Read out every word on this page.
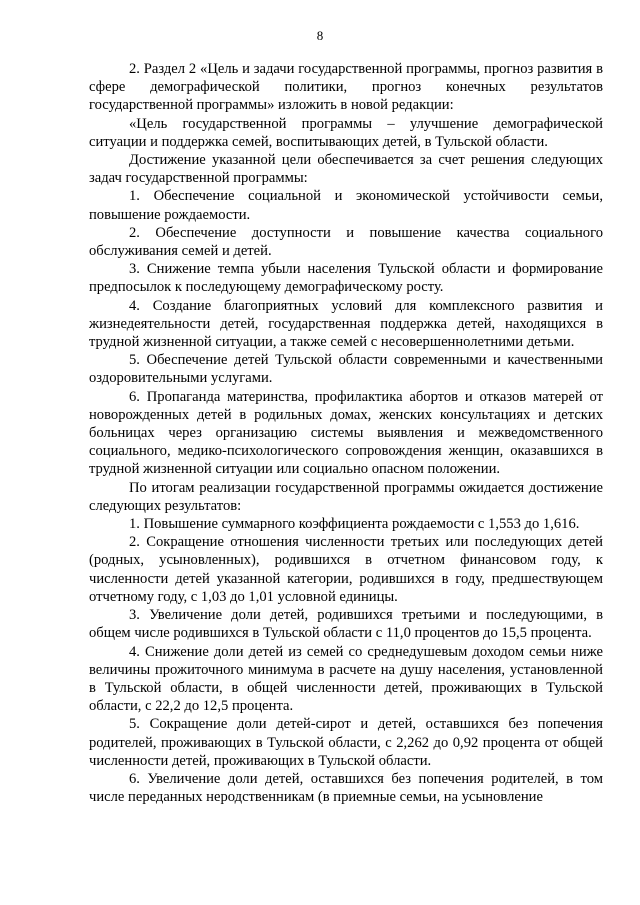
8

2. Раздел 2 «Цель и задачи государственной программы, прогноз развития в сфере демографической политики, прогноз конечных результатов государственной программы» изложить в новой редакции:

«Цель государственной программы – улучшение демографической ситуации и поддержка семей, воспитывающих детей, в Тульской области.

Достижение указанной цели обеспечивается за счет решения следующих задач государственной программы:

1. Обеспечение социальной и экономической устойчивости семьи, повышение рождаемости.

2. Обеспечение доступности и повышение качества социального обслуживания семей и детей.

3. Снижение темпа убыли населения Тульской области и формирование предпосылок к последующему демографическому росту.

4. Создание благоприятных условий для комплексного развития и жизнедеятельности детей, государственная поддержка детей, находящихся в трудной жизненной ситуации, а также семей с несовершеннолетними детьми.

5. Обеспечение детей Тульской области современными и качественными оздоровительными услугами.

6. Пропаганда материнства, профилактика абортов и отказов матерей от новорожденных детей в родильных домах, женских консультациях и детских больницах через организацию системы выявления и межведомственного социального, медико-психологического сопровождения женщин, оказавшихся в трудной жизненной ситуации или социально опасном положении.

По итогам реализации государственной программы ожидается достижение следующих результатов:

1. Повышение суммарного коэффициента рождаемости с 1,553 до 1,616.

2. Сокращение отношения численности третьих или последующих детей (родных, усыновленных), родившихся в отчетном финансовом году, к численности детей указанной категории, родившихся в году, предшествующем отчетному году, с 1,03 до 1,01 условной единицы.

3. Увеличение доли детей, родившихся третьими и последующими, в общем числе родившихся в Тульской области с 11,0 процентов до 15,5 процента.

4. Снижение доли детей из семей со среднедушевым доходом семьи ниже величины прожиточного минимума в расчете на душу населения, установленной в Тульской области, в общей численности детей, проживающих в Тульской области, с 22,2 до 12,5 процента.

5. Сокращение доли детей-сирот и детей, оставшихся без попечения родителей, проживающих в Тульской области, с 2,262 до 0,92 процента от общей численности детей, проживающих в Тульской области.

6. Увеличение доли детей, оставшихся без попечения родителей, в том числе переданных неродственникам (в приемные семьи, на усыновление
